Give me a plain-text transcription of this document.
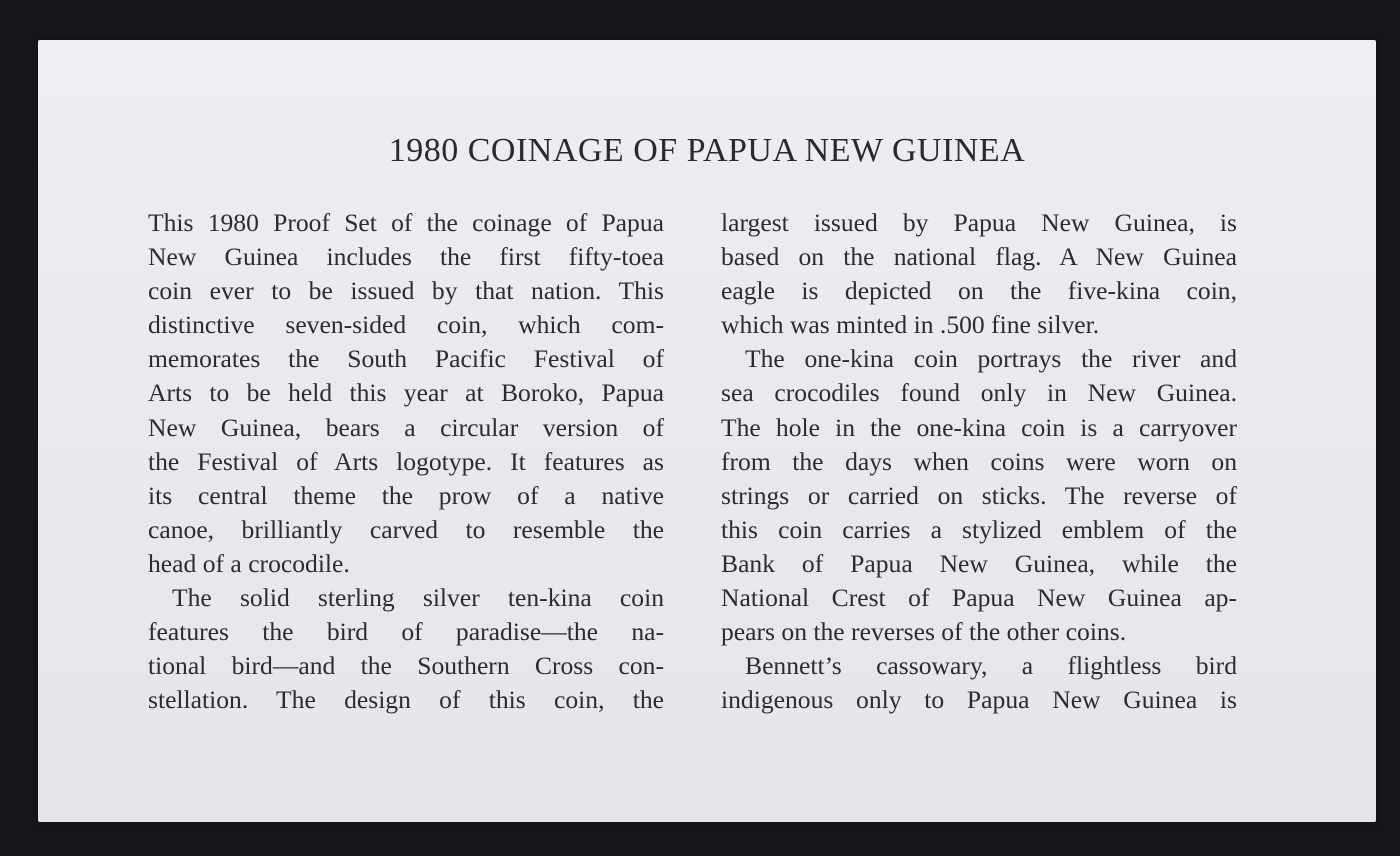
1980 COINAGE OF PAPUA NEW GUINEA

This 1980 Proof Set of the coinage of Papua
New Guinea includes the first fifty-toea
coin ever to be issued by that nation. This
distinctive seven-sided coin, which com-
memorates the South Pacific Festival of
Arts to be held this year at Boroko, Papua
New Guinea, bears a circular version of
the Festival of Arts logotype. It features as
its central theme the prow of a native
canoe, brilliantly carved to resemble the
head of a crocodile.

The solid sterling silver ten-kina coin
features the bird of paradise—the na-
tional bird—and the Southern Cross con-
stellation. The design of this coin, the

largest issued by Papua New Guinea, is
based on the national flag. A New Guinea
eagle is depicted on the five-kina coin,
which was minted in .500 fine silver.

The one-kina coin portrays the river and
sea crocodiles found only in New Guinea.
The hole in the one-kina coin is a carryover
from the days when coins were worn on
strings or carried on sticks. The reverse of
this coin carries a stylized emblem of the
Bank of Papua New Guinea, while the
National Crest of Papua New Guinea ap-
pears on the reverses of the other coins.

Bennett’s cassowary, a flightless bird
indigenous only to Papua New Guinea is
